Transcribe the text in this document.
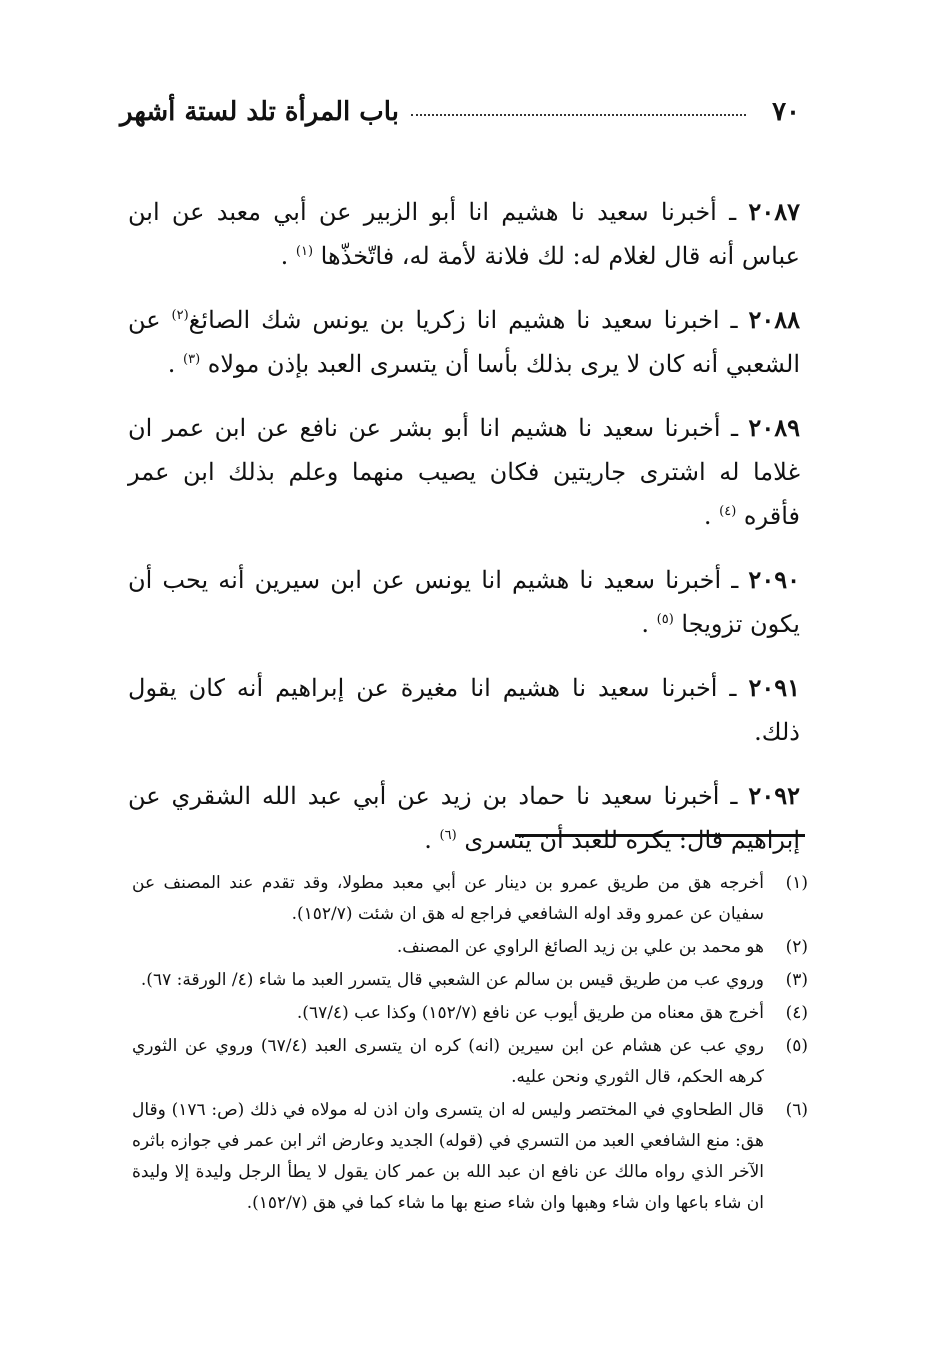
٧٠
باب المرأة تلد لستة أشهر

٢٠٨٧ ـ أخبرنا سعيد نا هشيم انا أبو الزبير عن أبي معبد عن ابن عباس أنه قال لغلام له: لك فلانة لأمة له، فاتّخذّها $^{(١)}$ .

٢٠٨٨ ـ اخبرنا سعيد نا هشيم انا زكريا بن يونس شك الصائغ$^{(٢)}$ عن الشعبي أنه كان لا يرى بذلك بأسا أن يتسرى العبد بإذن مولاه $^{(٣)}$ .

٢٠٨٩ ـ أخبرنا سعيد نا هشيم انا أبو بشر عن نافع عن ابن عمر ان غلاما له اشترى جاريتين فكان يصيب منهما وعلم بذلك ابن عمر فأقره $^{(٤)}$ .

٢٠٩٠ ـ أخبرنا سعيد نا هشيم انا يونس عن ابن سيرين أنه يحب أن يكون تزويجا $^{(٥)}$ .

٢٠٩١ ـ أخبرنا سعيد نا هشيم انا مغيرة عن إبراهيم أنه كان يقول ذلك.

٢٠٩٢ ـ أخبرنا سعيد نا حماد بن زيد عن أبي عبد الله الشقري عن إبراهيم قال: يكره للعبد أن يتسرى $^{(٦)}$ .

(١)
أخرجه هق من طريق عمرو بن دينار عن أبي معبد مطولا، وقد تقدم عند المصنف عن سفيان عن عمرو وقد اوله الشافعي فراجع له هق ان شئت (١٥٢/٧).
(٢)
هو محمد بن علي بن زيد الصائغ الراوي عن المصنف.
(٣)
وروي عب من طريق قيس بن سالم عن الشعبي قال يتسرر العبد ما شاء (٤/ الورقة: ٦٧).
(٤)
أخرج هق معناه من طريق أيوب عن نافع (١٥٢/٧) وكذا عب (٦٧/٤).
(٥)
روي عب عن هشام عن ابن سيرين (انه) كره ان يتسرى العبد (٦٧/٤) وروي عن الثوري كرهه الحكم، قال الثوري ونحن عليه.
(٦)
قال الطحاوي في المختصر وليس له ان يتسرى وان اذن له مولاه في ذلك (ص: ١٧٦) وقال هق: منع الشافعي العبد من التسري في (قوله) الجديد وعارض اثر ابن عمر في جوازه باثره الآخر الذي رواه مالك عن نافع ان عبد الله بن عمر كان يقول لا يطأ الرجل وليدة إلا وليدة ان شاء باعها وان شاء وهبها وان شاء صنع بها ما شاء كما في هق (١٥٢/٧).
